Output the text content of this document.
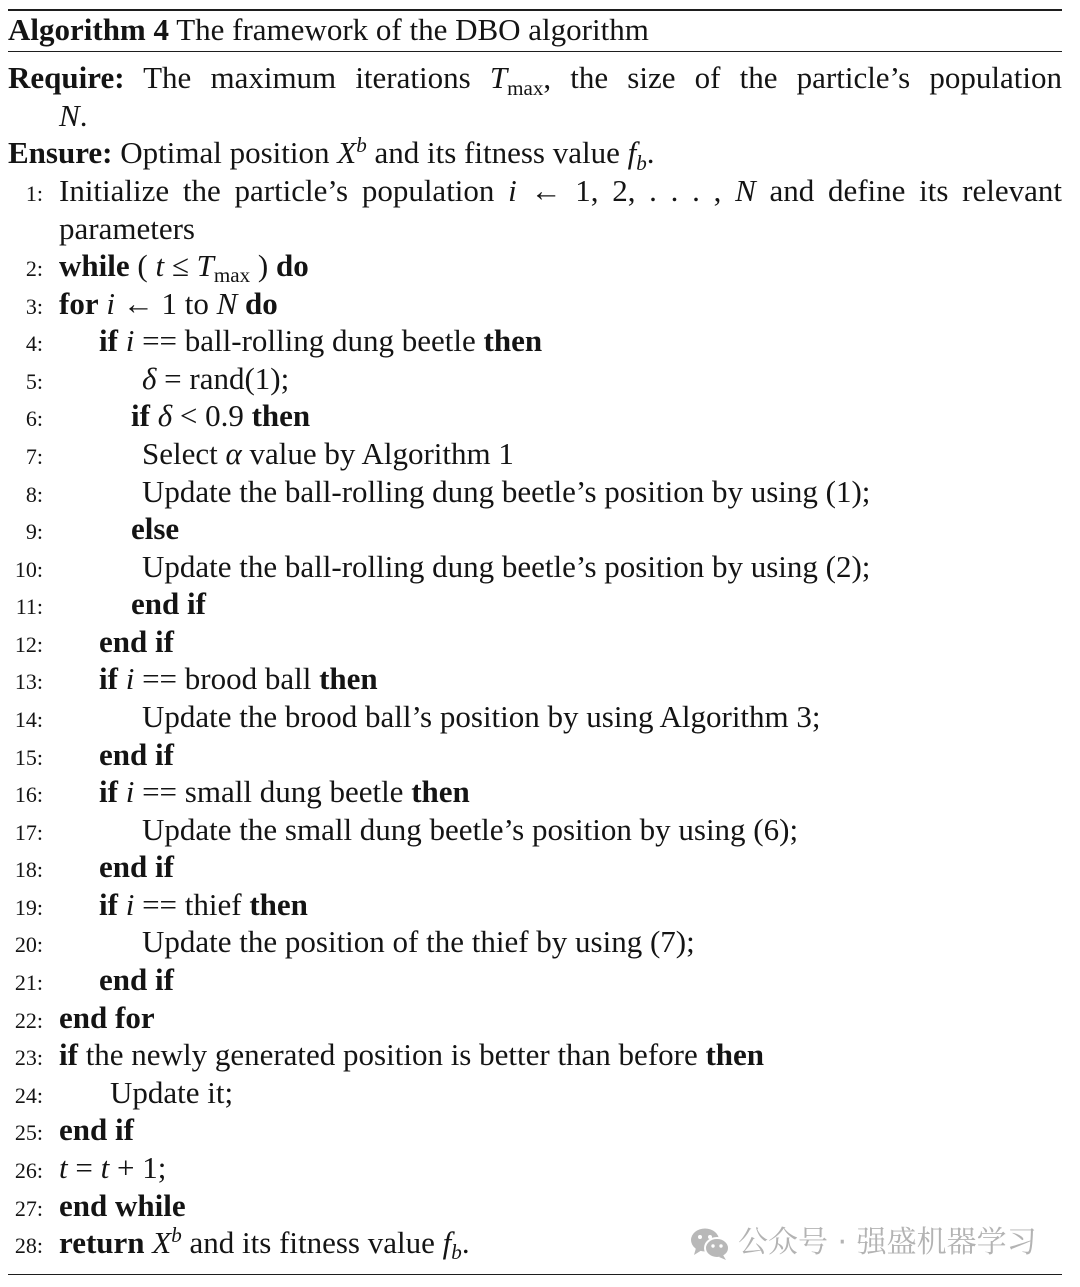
Algorithm 4 The framework of the DBO algorithm
Require: The maximum iterations $T_{max}$, the size of the particle’s population
N.
Ensure: Optimal position $X^b$ and its fitness value $f_b$.
1: Initialize the particle’s population i ← 1, 2, . . . , N and define its relevant
parameters
2: while ( $t \le T_{max}$ ) do
3: for i ← 1 to N do
4: if i == ball-rolling dung beetle then
5:	δ = rand(1);
6:	if δ < 0.9 then
7:	Select α value by Algorithm 1
8:	Update the ball-rolling dung beetle’s position by using (1);
9:	else
10:	Update the ball-rolling dung beetle’s position by using (2);
11:	end if
12: end if
13: if i == brood ball then
14:	Update the brood ball’s position by using Algorithm 3;
15: end if
16: if i == small dung beetle then
17:	Update the small dung beetle’s position by using (6);
18: end if
19: if i == thief then
20:	Update the position of the thief by using (7);
21: end if
22: end for
23: if the newly generated position is better than before then
24: Update it;
25: end if
26: t = t + 1;
27: end while
28: return $X^b$ and its fitness value $f_b$.	公众号 · 强盛机器学习
